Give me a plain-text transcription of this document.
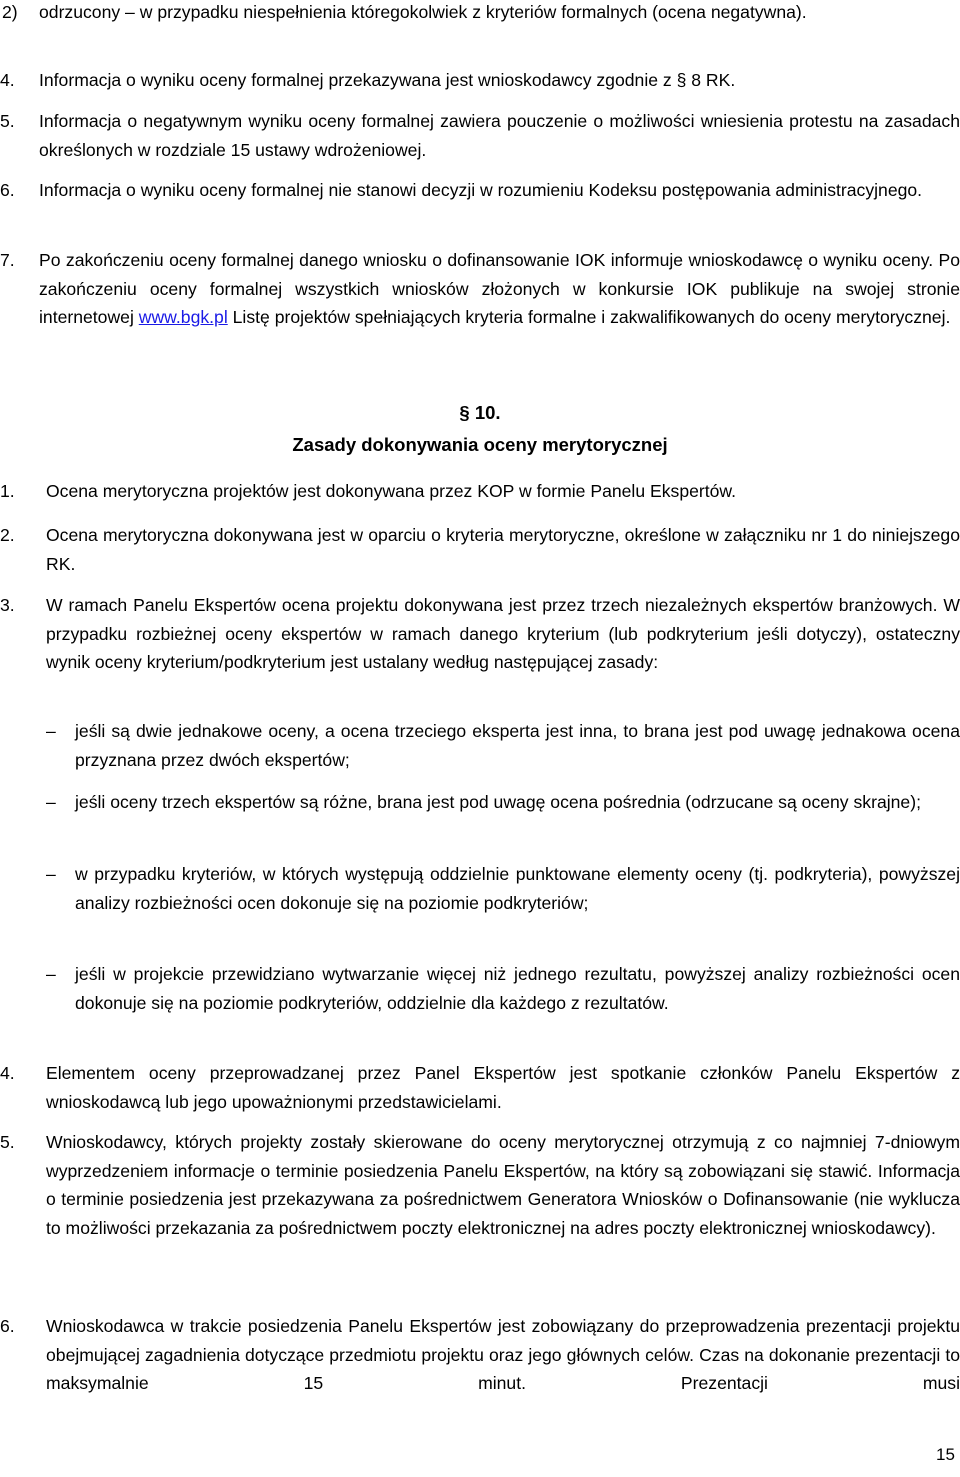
2) odrzucony – w przypadku niespełnienia któregokolwiek z kryteriów formalnych (ocena negatywna).
4. Informacja o wyniku oceny formalnej przekazywana jest wnioskodawcy zgodnie z § 8 RK.
5. Informacja o negatywnym wyniku oceny formalnej zawiera pouczenie o możliwości wniesienia protestu na zasadach określonych w rozdziale 15 ustawy wdrożeniowej.
6. Informacja o wyniku oceny formalnej nie stanowi decyzji w rozumieniu Kodeksu postępowania administracyjnego.
7. Po zakończeniu oceny formalnej danego wniosku o dofinansowanie IOK informuje wnioskodawcę o wyniku oceny. Po zakończeniu oceny formalnej wszystkich wniosków złożonych w konkursie IOK publikuje na swojej stronie internetowej www.bgk.pl Listę projektów spełniających kryteria formalne i zakwalifikowanych do oceny merytorycznej.
§ 10.
Zasady dokonywania oceny merytorycznej
1. Ocena merytoryczna projektów jest dokonywana przez KOP w formie Panelu Ekspertów.
2. Ocena merytoryczna dokonywana jest w oparciu o kryteria merytoryczne, określone w załączniku nr 1 do niniejszego RK.
3. W ramach Panelu Ekspertów ocena projektu dokonywana jest przez trzech niezależnych ekspertów branżowych. W przypadku rozbieżnej oceny ekspertów w ramach danego kryterium (lub podkryterium jeśli dotyczy), ostateczny wynik oceny kryterium/podkryterium jest ustalany według następującej zasady:
– jeśli są dwie jednakowe oceny, a ocena trzeciego eksperta jest inna, to brana jest pod uwagę jednakowa ocena przyznana przez dwóch ekspertów;
– jeśli oceny trzech ekspertów są różne, brana jest pod uwagę ocena pośrednia (odrzucane są oceny skrajne);
– w przypadku kryteriów, w których występują oddzielnie punktowane elementy oceny (tj. podkryteria), powyższej analizy rozbieżności ocen dokonuje się na poziomie podkryteriów;
– jeśli w projekcie przewidziano wytwarzanie więcej niż jednego rezultatu, powyższej analizy rozbieżności ocen dokonuje się na poziomie podkryteriów, oddzielnie dla każdego z rezultatów.
4. Elementem oceny przeprowadzanej przez Panel Ekspertów jest spotkanie członków Panelu Ekspertów z wnioskodawcą lub jego upoważnionymi przedstawicielami.
5. Wnioskodawcy, których projekty zostały skierowane do oceny merytorycznej otrzymują z co najmniej 7-dniowym wyprzedzeniem informacje o terminie posiedzenia Panelu Ekspertów, na który są zobowiązani się stawić. Informacja o terminie posiedzenia jest przekazywana za pośrednictwem Generatora Wniosków o Dofinansowanie (nie wyklucza to możliwości przekazania za pośrednictwem poczty elektronicznej na adres poczty elektronicznej wnioskodawcy).
6. Wnioskodawca w trakcie posiedzenia Panelu Ekspertów jest zobowiązany do przeprowadzenia prezentacji projektu obejmującej zagadnienia dotyczące przedmiotu projektu oraz jego głównych celów. Czas na dokonanie prezentacji to maksymalnie 15 minut. Prezentacji musi
15
